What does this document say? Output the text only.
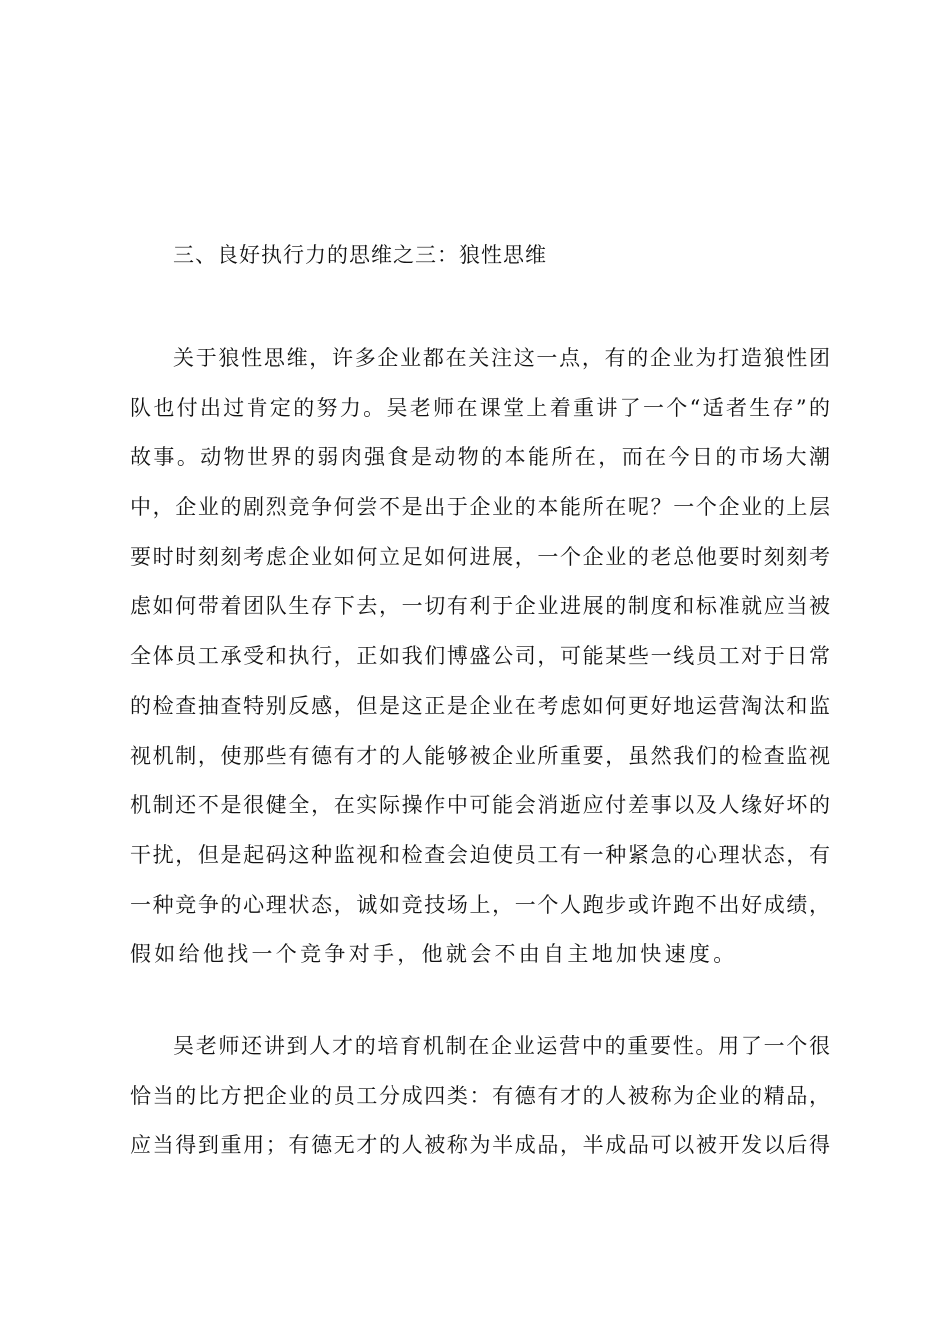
三、良好执行力的思维之三：狼性思维
关于狼性思维，许多企业都在关注这一点，有的企业为打造狼性团
队也付出过肯定的努力。吴老师在课堂上着重讲了一个“适者生存”的
故事。动物世界的弱肉强食是动物的本能所在，而在今日的市场大潮
中，企业的剧烈竞争何尝不是出于企业的本能所在呢？一个企业的上层
要时时刻刻考虑企业如何立足如何进展，一个企业的老总他要时刻刻考
虑如何带着团队生存下去，一切有利于企业进展的制度和标准就应当被
全体员工承受和执行，正如我们博盛公司，可能某些一线员工对于日常
的检查抽查特别反感，但是这正是企业在考虑如何更好地运营淘汰和监
视机制，使那些有德有才的人能够被企业所重要，虽然我们的检查监视
机制还不是很健全，在实际操作中可能会消逝应付差事以及人缘好坏的
干扰，但是起码这种监视和检查会迫使员工有一种紧急的心理状态，有
一种竞争的心理状态，诚如竞技场上，一个人跑步或许跑不出好成绩，
假如给他找一个竞争对手，他就会不由自主地加快速度。
吴老师还讲到人才的培育机制在企业运营中的重要性。用了一个很
恰当的比方把企业的员工分成四类：有德有才的人被称为企业的精品，
应当得到重用；有德无才的人被称为半成品，半成品可以被开发以后得
